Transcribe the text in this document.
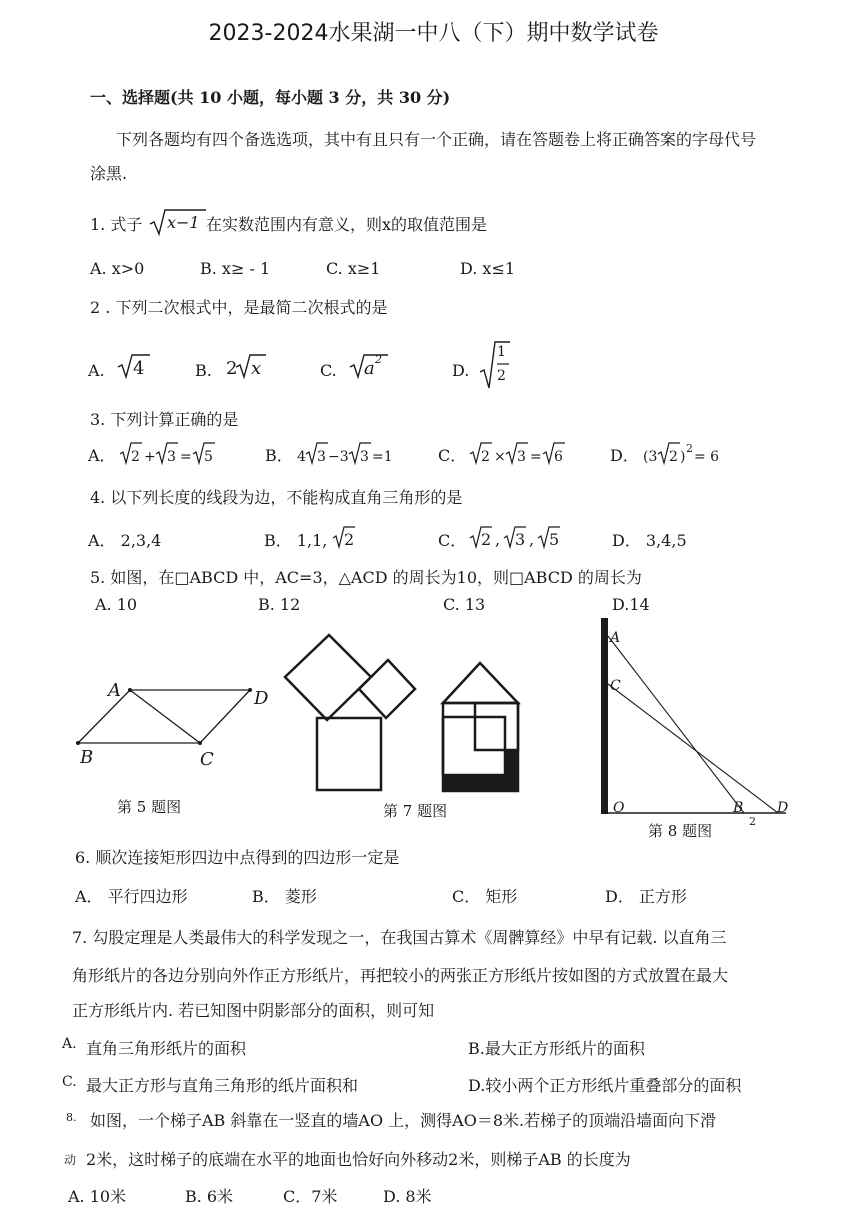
2023-2024水果湖一中八（下）期中数学试卷
一、选择题(共 10 小题，每小题 3 分，共 30 分)
下列各题均有四个备选选项，其中有且只有一个正确，请在答题卷上将正确答案的字母代号
涂黑.
1. 式子 x−1 在实数范围内有意义，则x的取值范围是
A. x>0	B. x≥ - 1	C. x≥1	D. x≤1
2 . 下列二次根式中，是最简二次根式的是
A. 4	B. 2 x	C. a 2
D.
1
2
3. 下列计算正确的是
A． 2 + 3 = 5	B． 4 3 −3 3 =1	C． 2 × 3 = 6	D． (3 2 )
2
= 6
4. 以下列长度的线段为边，不能构成直角三角形的是
A． 2,3,4	B． 1,1, 2	C． 2 , 3 , 5	D． 3,4,5
5. 如图，在□ABCD 中，AC=3，△ACD 的周长为10，则□ABCD 的周长为
A. 10	B. 12	C. 13	D.14
A	D
B	C
第 5 题图	第 7 题图
A
C
O	B D
2
第 8 题图
6. 顺次连接矩形四边中点得到的四边形一定是
A． 平行四边形	B． 菱形	C． 矩形	D． 正方形
7. 勾股定理是人类最伟大的科学发现之一，在我国古算术《周髀算经》中早有记载. 以直角三
角形纸片的各边分别向外作正方形纸片，再把较小的两张正方形纸片按如图的方式放置在最大
正方形纸片内. 若已知图中阴影部分的面积，则可知
A. 直角三角形纸片的面积	B.最大正方形纸片的面积
C. 最大正方形与直角三角形的纸片面积和	D.较小两个正方形纸片重叠部分的面积
8. 如图，一个梯子AB 斜靠在一竖直的墙AO 上，测得AO＝8米.若梯子的顶端沿墙面向下滑
动 2米，这时梯子的底端在水平的地面也恰好向外移动2米，则梯子AB 的长度为
A. 10米	B. 6米	C．7米	D. 8米
